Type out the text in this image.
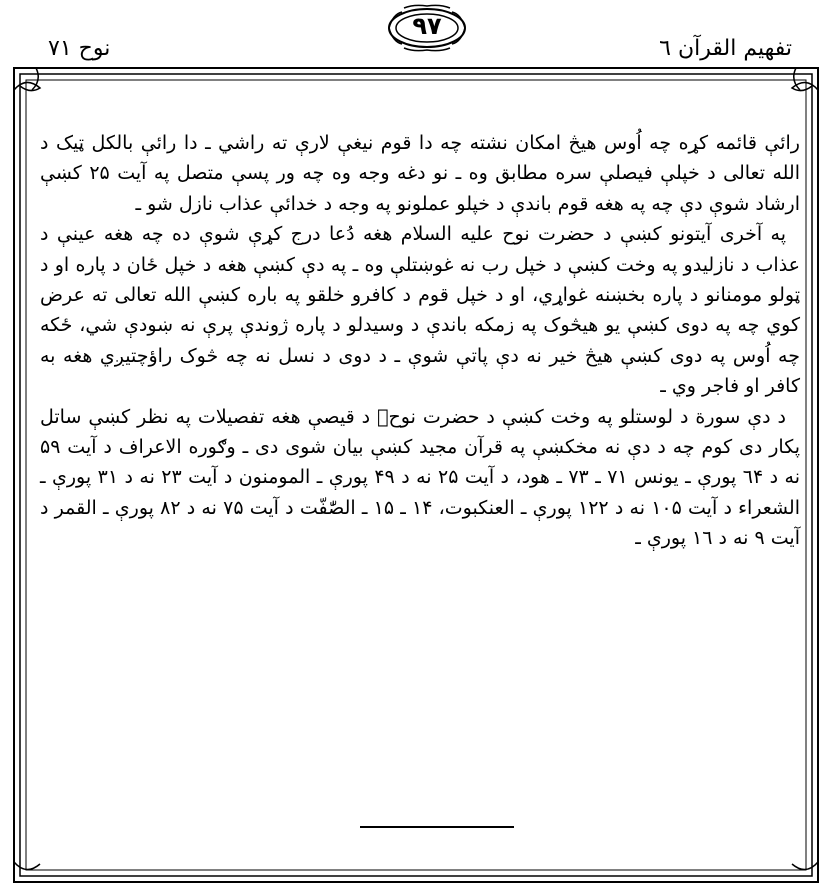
نوح ٧١
٩٧
تفهیم القرآن ٦

رائې قائمه کړه چه اُوس هیڅ امکان نشته چه دا قوم نیغې لارې ته راشي ـ دا رائې بالکل ټیک د الله تعالی د خپلې فیصلې سره مطابق وه ـ نو دغه وجه وه چه ور پسې متصل په آیت ۲۵ کښې ارشاد شوې دې چه په هغه قوم باندې د خپلو عملونو په وجه د خدائې عذاب نازل شو ـ

په آخری آیتونو کښې د حضرت نوح علیه السلام هغه دُعا درج کړې شوې ده چه هغه عینې د عذاب د نازلیدو په وخت کښې د خپل رب نه غوښتلې وه ـ په دې کښې هغه د خپل ځان د پاره او د ټولو مومنانو د پاره بخښنه غواړي، او د خپل قوم د کافرو خلقو په باره کښې الله تعالی ته عرض کوي چه په دوی کښې یو هیڅوک په زمکه باندې د وسیدلو د پاره ژوندې پرې نه ښودې شي، ځکه چه اُوس په دوی کښې هیڅ خیر نه دې پاتې شوې ـ د دوی د نسل نه چه څوک راؤچتیږي هغه به کافر او فاجر وي ـ

د دې سورة د لوستلو په وخت کښې د حضرت نوحؑ د قیصې هغه تفصیلات په نظر کښې ساتل پکار دی کوم چه د دې نه مخکښې په قرآن مجید کښې بیان شوی دی ـ وګوره الاعراف د آیت ۵۹ نه د ٦۴ پورې ـ یونس ۷۱ ـ ۷۳ ـ هود، د آیت ۲۵ نه د ۴۹ پورې ـ المومنون د آیت ۲۳ نه د ۳۱ پورې ـ الشعراء د آیت ۱۰۵ نه د ۱۲۲ پورې ـ العنکبوت، ۱۴ ـ ۱۵ ـ الصّٰفّت د آیت ۷۵ نه د ۸۲ پورې ـ القمر د آیت ۹ نه د ۱٦ پورې ـ
